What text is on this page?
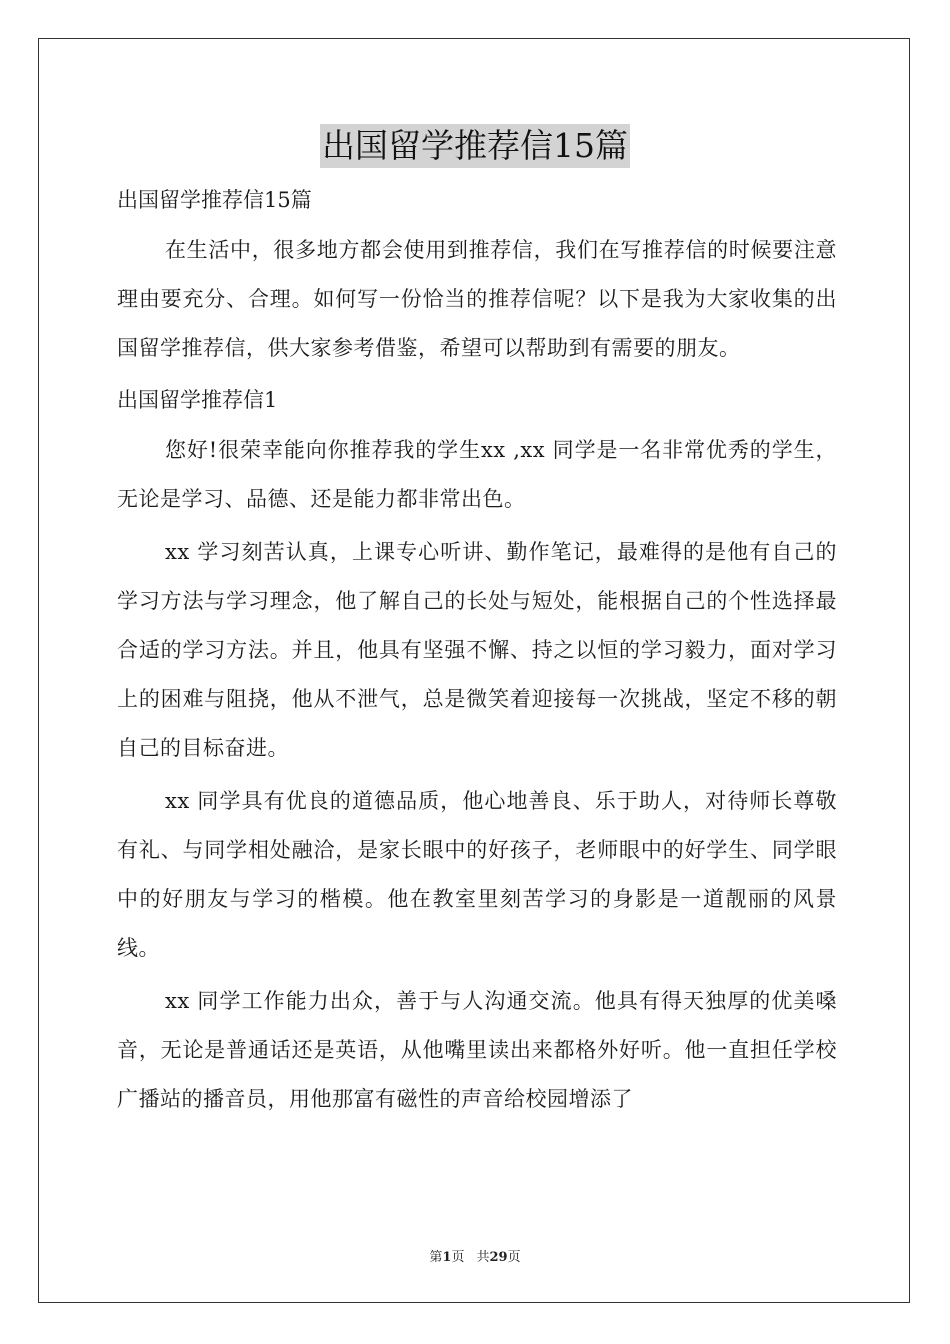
出国留学推荐信15篇

出国留学推荐信15篇

在生活中，很多地方都会使用到推荐信，我们在写推荐信的时候要注意理由要充分、合理。如何写一份恰当的推荐信呢？以下是我为大家收集的出国留学推荐信，供大家参考借鉴，希望可以帮助到有需要的朋友。

出国留学推荐信1

您好!很荣幸能向你推荐我的学生xx ,xx 同学是一名非常优秀的学生，无论是学习、品德、还是能力都非常出色。

xx 学习刻苦认真，上课专心听讲、勤作笔记，最难得的是他有自己的学习方法与学习理念，他了解自己的长处与短处，能根据自己的个性选择最合适的学习方法。并且，他具有坚强不懈、持之以恒的学习毅力，面对学习上的困难与阻挠，他从不泄气，总是微笑着迎接每一次挑战，坚定不移的朝自己的目标奋进。

xx 同学具有优良的道德品质，他心地善良、乐于助人，对待师长尊敬有礼、与同学相处融洽，是家长眼中的好孩子，老师眼中的好学生、同学眼中的好朋友与学习的楷模。他在教室里刻苦学习的身影是一道靓丽的风景线。

xx 同学工作能力出众，善于与人沟通交流。他具有得天独厚的优美嗓音，无论是普通话还是英语，从他嘴里读出来都格外好听。他一直担任学校广播站的播音员，用他那富有磁性的声音给校园增添了

第1页 共29页
